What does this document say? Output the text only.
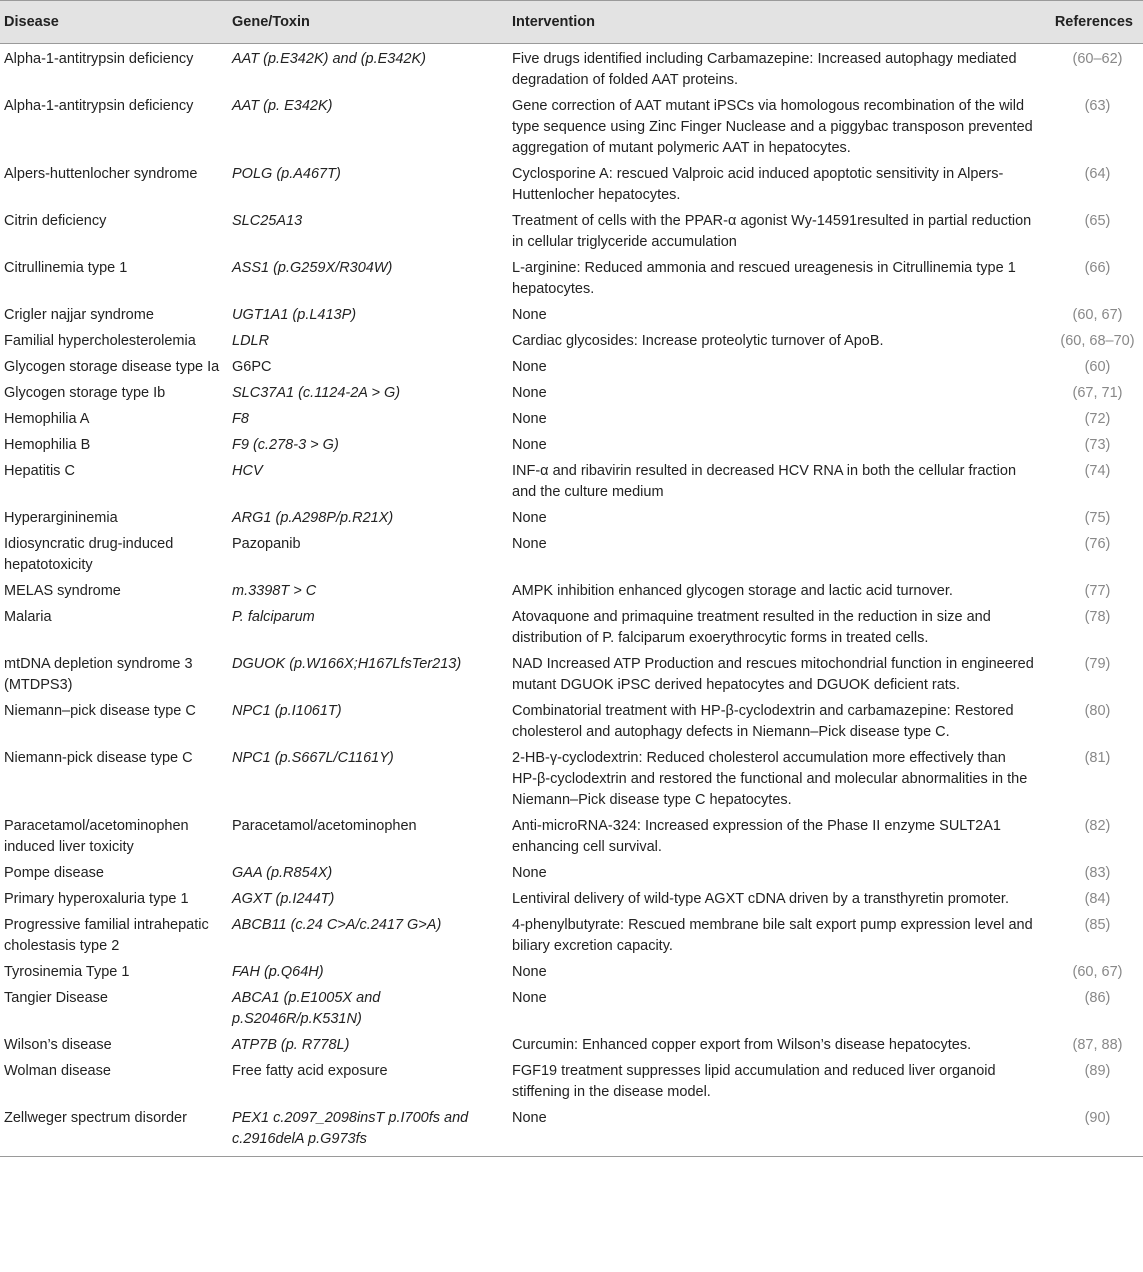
Disease	Gene/Toxin	Intervention	References
Alpha-1-antitrypsin deficiency	AAT (p.E342K) and (p.E342K)	Five drugs identified including Carbamazepine: Increased autophagy mediated degradation of folded AAT proteins.	(60–62)
Alpha-1-antitrypsin deficiency	AAT (p. E342K)	Gene correction of AAT mutant iPSCs via homologous recombination of the wild type sequence using Zinc Finger Nuclease and a piggybac transposon prevented aggregation of mutant polymeric AAT in hepatocytes.	(63)
Alpers-huttenlocher syndrome	POLG (p.A467T)	Cyclosporine A: rescued Valproic acid induced apoptotic sensitivity in Alpers-Huttenlocher hepatocytes.	(64)
Citrin deficiency	SLC25A13	Treatment of cells with the PPAR-α agonist Wy-14591resulted in partial reduction in cellular triglyceride accumulation	(65)
Citrullinemia type 1	ASS1 (p.G259X/R304W)	L-arginine: Reduced ammonia and rescued ureagenesis in Citrullinemia type 1 hepatocytes.	(66)
Crigler najjar syndrome	UGT1A1 (p.L413P)	None	(60, 67)
Familial hypercholesterolemia	LDLR	Cardiac glycosides: Increase proteolytic turnover of ApoB.	(60, 68–70)
Glycogen storage disease type Ia	G6PC	None	(60)
Glycogen storage type Ib	SLC37A1 (c.1124-2A > G)	None	(67, 71)
Hemophilia A	F8	None	(72)
Hemophilia B	F9 (c.278-3 > G)	None	(73)
Hepatitis C	HCV	INF-α and ribavirin resulted in decreased HCV RNA in both the cellular fraction and the culture medium	(74)
Hyperargininemia	ARG1 (p.A298P/p.R21X)	None	(75)
Idiosyncratic drug-induced hepatotoxicity	Pazopanib	None	(76)
MELAS syndrome	m.3398T > C	AMPK inhibition enhanced glycogen storage and lactic acid turnover.	(77)
Malaria	P. falciparum	Atovaquone and primaquine treatment resulted in the reduction in size and distribution of P. falciparum exoerythrocytic forms in treated cells.	(78)
mtDNA depletion syndrome 3 (MTDPS3)	DGUOK (p.W166X;H167LfsTer213)	NAD Increased ATP Production and rescues mitochondrial function in engineered mutant DGUOK iPSC derived hepatocytes and DGUOK deficient rats.	(79)
Niemann–pick disease type C	NPC1 (p.I1061T)	Combinatorial treatment with HP-β-cyclodextrin and carbamazepine: Restored cholesterol and autophagy defects in Niemann–Pick disease type C.	(80)
Niemann-pick disease type C	NPC1 (p.S667L/C1161Y)	2-HB-γ-cyclodextrin: Reduced cholesterol accumulation more effectively than HP-β-cyclodextrin and restored the functional and molecular abnormalities in the Niemann–Pick disease type C hepatocytes.	(81)
Paracetamol/acetominophen induced liver toxicity	Paracetamol/acetominophen	Anti-microRNA-324: Increased expression of the Phase II enzyme SULT2A1 enhancing cell survival.	(82)
Pompe disease	GAA (p.R854X)	None	(83)
Primary hyperoxaluria type 1	AGXT (p.I244T)	Lentiviral delivery of wild-type AGXT cDNA driven by a transthyretin promoter.	(84)
Progressive familial intrahepatic cholestasis type 2	ABCB11 (c.24 C>A/c.2417 G>A)	4-phenylbutyrate: Rescued membrane bile salt export pump expression level and biliary excretion capacity.	(85)
Tyrosinemia Type 1	FAH (p.Q64H)	None	(60, 67)
Tangier Disease	ABCA1 (p.E1005X and p.S2046R/p.K531N)	None	(86)
Wilson’s disease	ATP7B (p. R778L)	Curcumin: Enhanced copper export from Wilson’s disease hepatocytes.	(87, 88)
Wolman disease	Free fatty acid exposure	FGF19 treatment suppresses lipid accumulation and reduced liver organoid stiffening in the disease model.	(89)
Zellweger spectrum disorder	PEX1 c.2097_2098insT p.I700fs and c.2916delA p.G973fs	None	(90)
